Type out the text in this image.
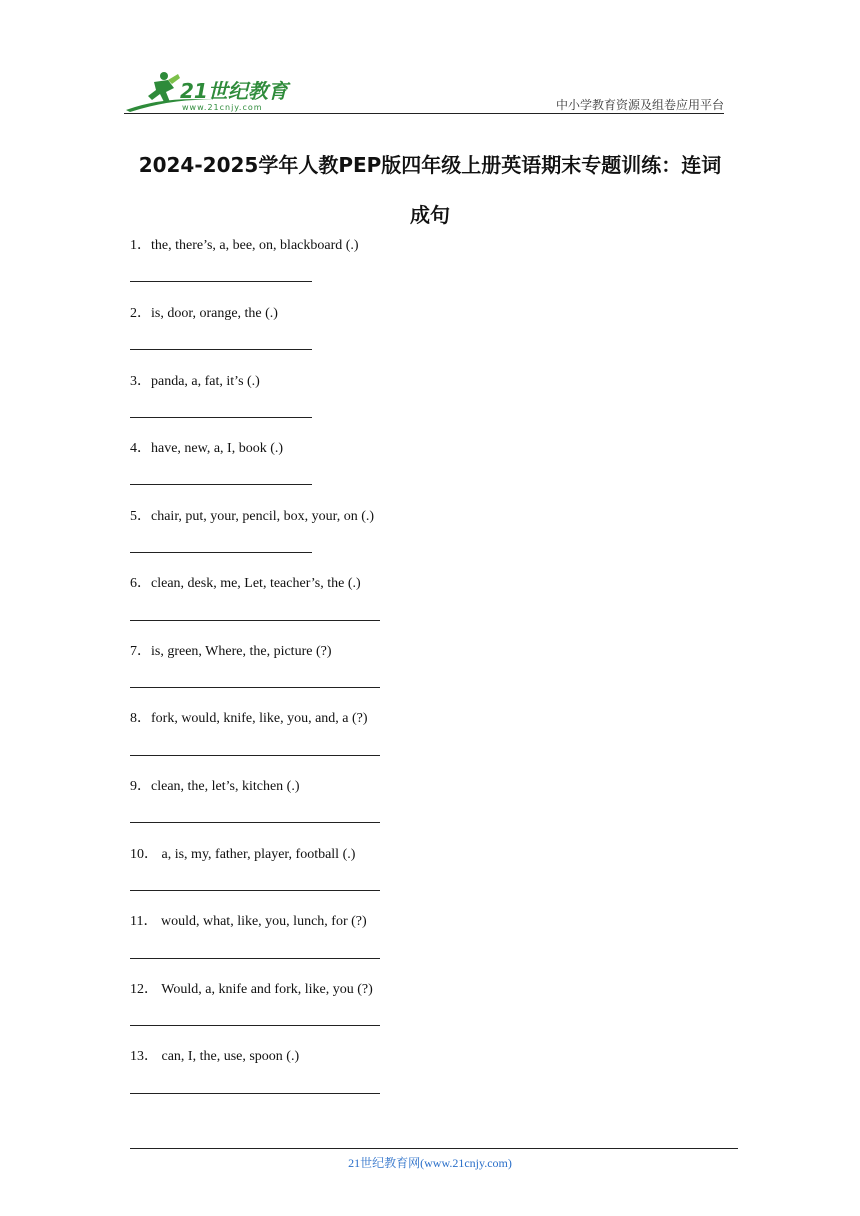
21世纪教育
www.21cnjy.com	中小学教育资源及组卷应用平台
2024-2025学年人教PEP版四年级上册英语期末专题训练：连词
成句
1．the, there’s, a, bee, on, blackboard (.)
2．is, door, orange, the (.)
3．panda, a, fat, it’s (.)
4．have, new, a, I, book (.)
5．chair, put, your, pencil, box, your, on (.)
6．clean, desk, me, Let, teacher’s, the (.)
7．is, green, Where, the, picture (?)
8．fork, would, knife, like, you, and, a (?)
9．clean, the, let’s, kitchen (.)
10． a, is, my, father, player, football (.)
11． would, what, like, you, lunch, for (?)
12． Would, a, knife and fork, like, you (?)
13． can, I, the, use, spoon (.)
21世纪教育网(www.21cnjy.com)
